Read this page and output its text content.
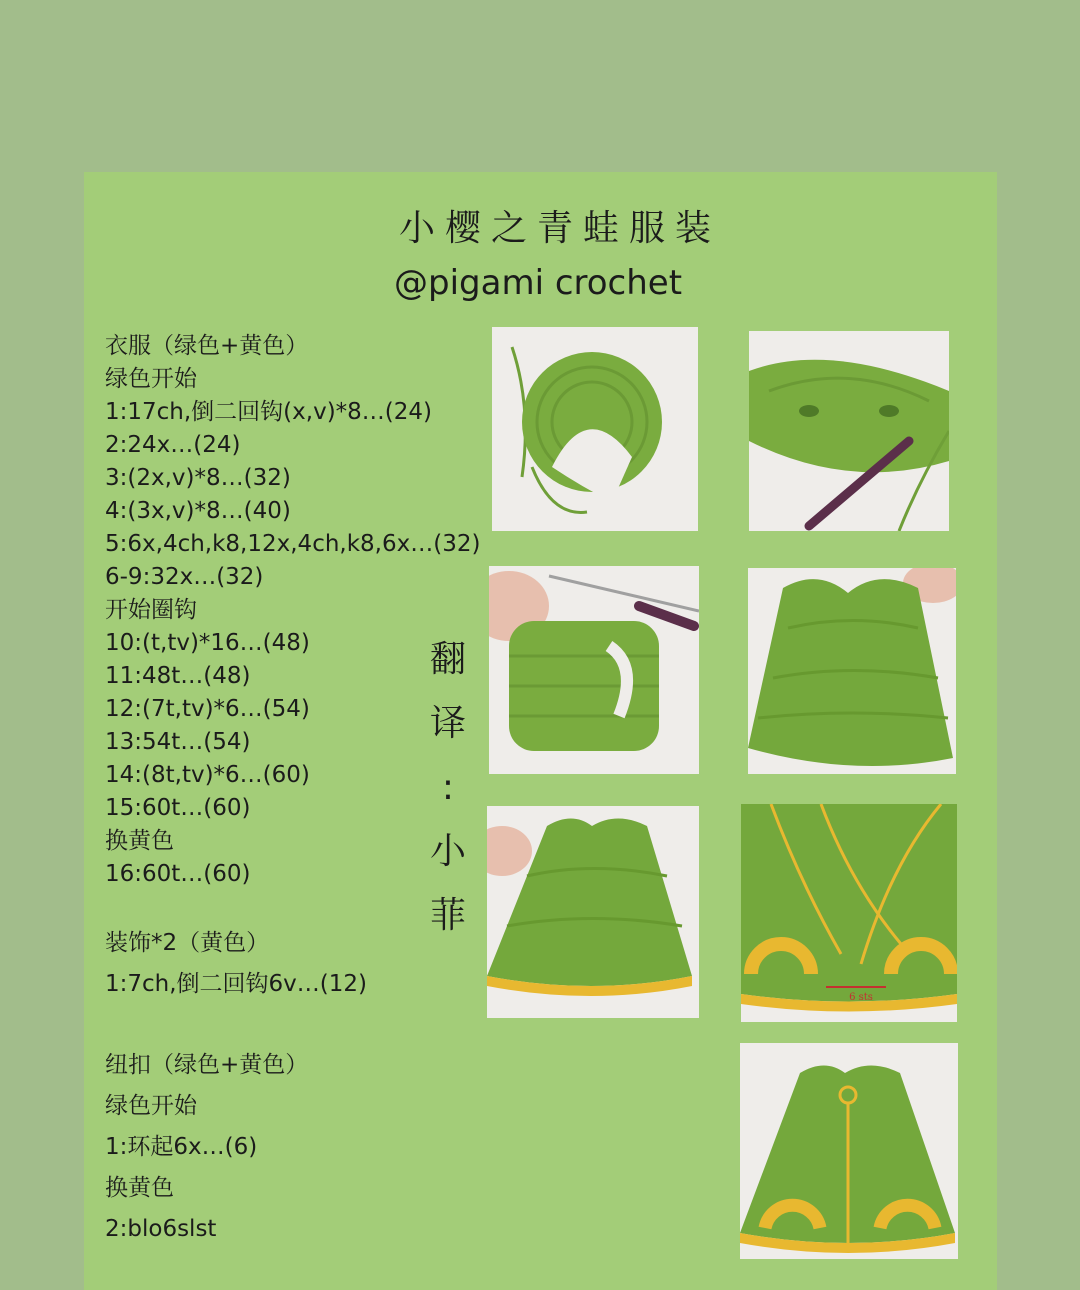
小樱之青蛙服装
@pigami crochet
衣服（绿色+黄色）
绿色开始
1:17ch,倒二回钩(x,v)*8…(24)
2:24x…(24)
3:(2x,v)*8…(32)
4:(3x,v)*8…(40)
5:6x,4ch,k8,12x,4ch,k8,6x…(32)
6-9:32x…(32)
开始圈钩
10:(t,tv)*16…(48)
11:48t…(48)
12:(7t,tv)*6…(54)
13:54t…(54)
14:(8t,tv)*6…(60)
15:60t…(60)
换黄色
16:60t…(60)
装饰*2（黄色）
1:7ch,倒二回钩6v…(12)
纽扣（绿色+黄色）
绿色开始
1:环起6x…(6)
换黄色
2:blo6slst
翻
译
:
小
菲
6 sts
